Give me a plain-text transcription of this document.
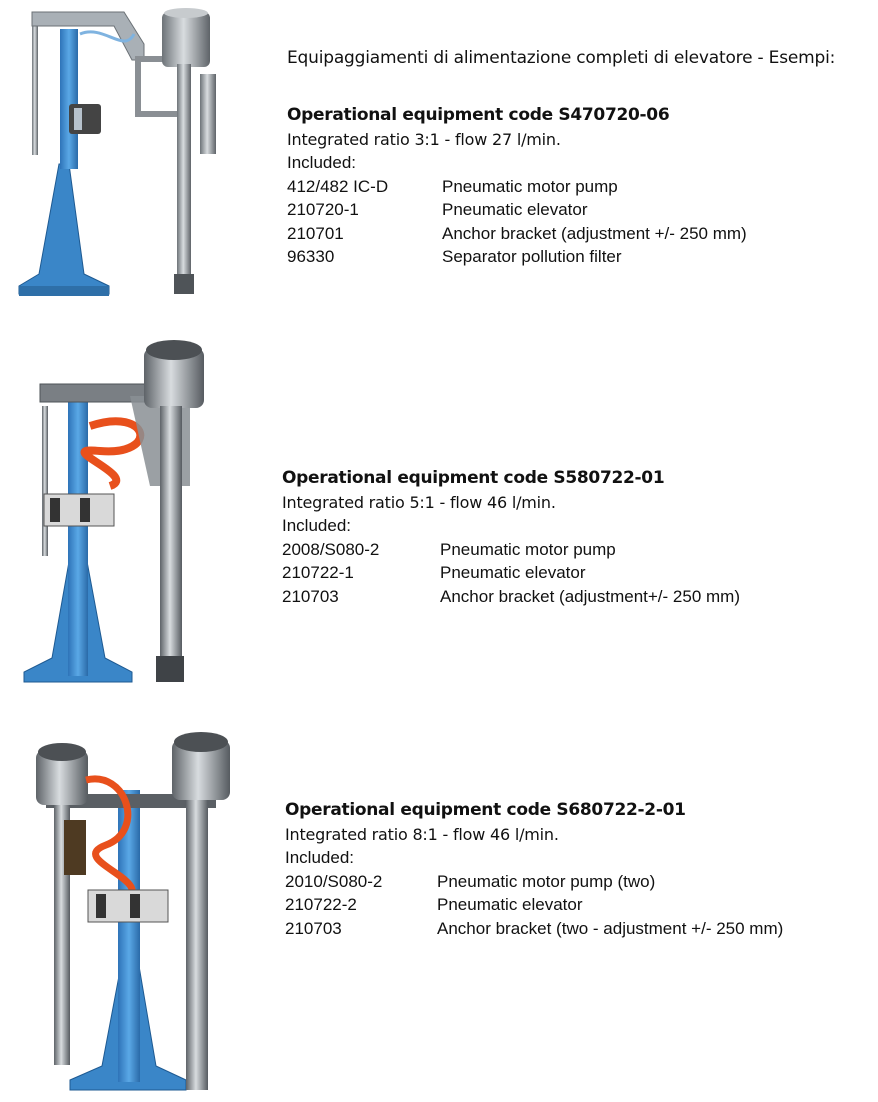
Equipaggiamenti di alimentazione completi di elevatore - Esempi:
Operational equipment code S470720-06
Integrated ratio 3:1 - flow 27 l/min.
Included:
412/482 IC-D	Pneumatic motor pump
210720-1	Pneumatic elevator
210701	Anchor bracket (adjustment +/- 250 mm)
96330	Separator pollution filter
Operational equipment code S580722-01
Integrated ratio 5:1 - flow 46 l/min.
Included:
2008/S080-2	Pneumatic motor pump
210722-1	Pneumatic elevator
210703	Anchor bracket (adjustment+/- 250 mm)
Operational equipment code S680722-2-01
Integrated ratio 8:1 - flow 46 l/min.
Included:
2010/S080-2	Pneumatic motor pump (two)
210722-2	Pneumatic elevator
210703	Anchor bracket (two - adjustment +/- 250 mm)
